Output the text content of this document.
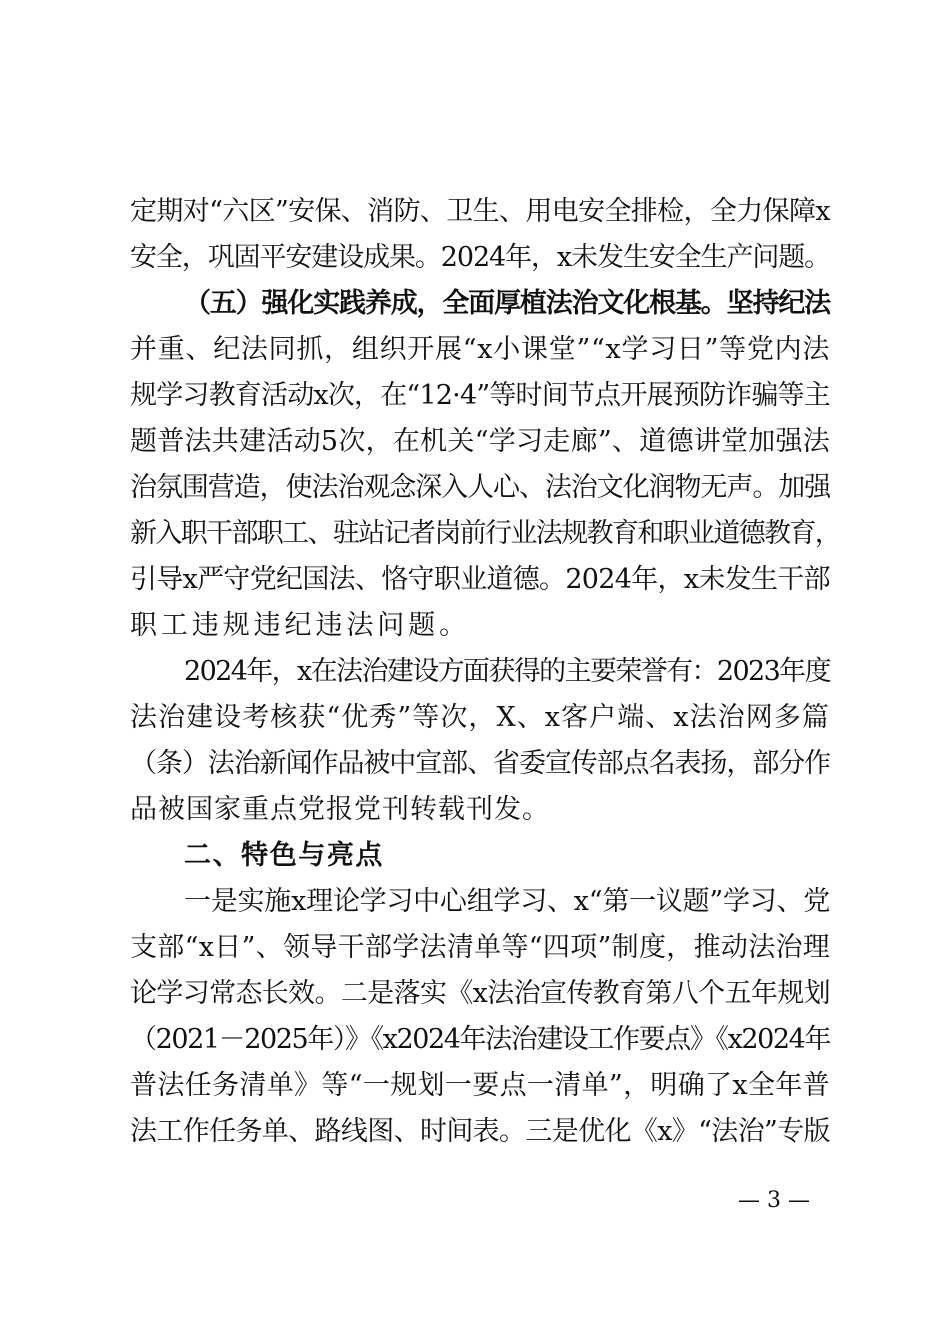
定期对“六区”安保、消防、卫生、用电安全排检，全力保障x
安全，巩固平安建设成果。2024年，x未发生安全生产问题。
（五）强化实践养成，全面厚植法治文化根基。坚持纪法
并重、纪法同抓，组织开展“x小课堂”“x学习日”等党内法
规学习教育活动x次，在“12·4”等时间节点开展预防诈骗等主
题普法共建活动5次，在机关“学习走廊”、道德讲堂加强法
治氛围营造，使法治观念深入人心、法治文化润物无声。加强
新入职干部职工、驻站记者岗前行业法规教育和职业道德教育，
引导x严守党纪国法、恪守职业道德。2024年，x未发生干部
职工违规违纪违法问题。
2024年，x在法治建设方面获得的主要荣誉有：2023年度
法治建设考核获“优秀”等次，X、x客户端、x法治网多篇
（条）法治新闻作品被中宣部、省委宣传部点名表扬，部分作
品被国家重点党报党刊转载刊发。
二、特色与亮点
一是实施x理论学习中心组学习、x“第一议题”学习、党
支部“x日”、领导干部学法清单等“四项”制度，推动法治理
论学习常态长效。二是落实《x法治宣传教育第八个五年规划
（2021－2025年）》《x2024年法治建设工作要点》《x2024年
普法任务清单》等“一规划一要点一清单”，明确了x全年普
法工作任务单、路线图、时间表。三是优化《x》“法治”专版
— 3 —
